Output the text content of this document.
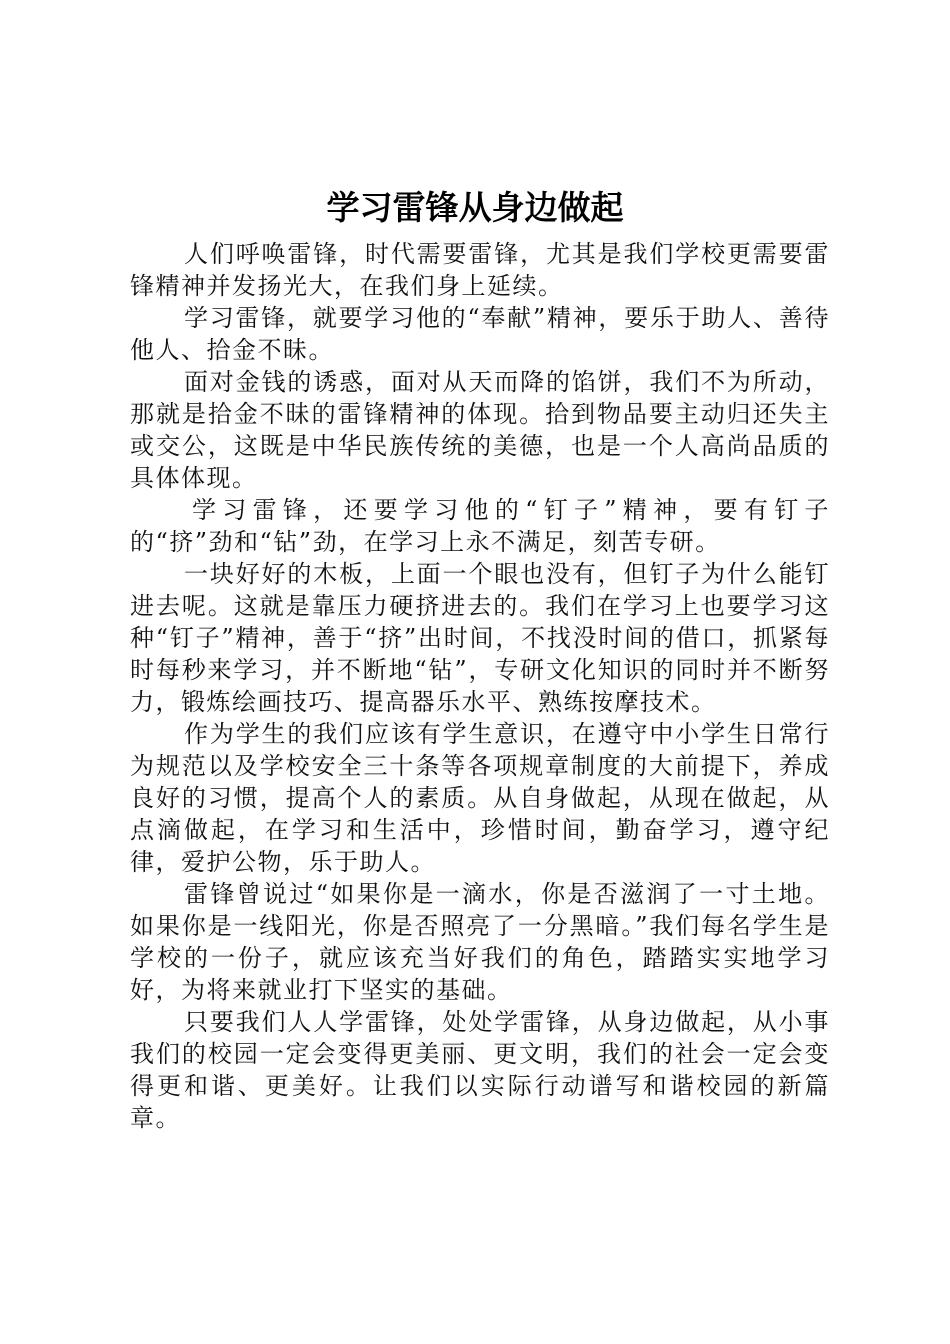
学习雷锋从身边做起

人们呼唤雷锋，时代需要雷锋，尤其是我们学校更需要雷锋精神并发扬光大，在我们身上延续。

学习雷锋，就要学习他的“奉献”精神，要乐于助人、善待他人、拾金不昧。

面对金钱的诱惑，面对从天而降的馅饼，我们不为所动，那就是拾金不昧的雷锋精神的体现。拾到物品要主动归还失主或交公，这既是中华民族传统的美德，也是一个人高尚品质的具体体现。

学习雷锋，还要学习他的“钉子”精神，要有钉子的“挤”劲和“钻”劲，在学习上永不满足，刻苦专研。

一块好好的木板，上面一个眼也没有，但钉子为什么能钉进去呢。这就是靠压力硬挤进去的。我们在学习上也要学习这种“钉子”精神，善于“挤”出时间，不找没时间的借口，抓紧每时每秒来学习，并不断地“钻”，专研文化知识的同时并不断努力，锻炼绘画技巧、提高器乐水平、熟练按摩技术。

作为学生的我们应该有学生意识，在遵守中小学生日常行为规范以及学校安全三十条等各项规章制度的大前提下，养成良好的习惯，提高个人的素质。从自身做起，从现在做起，从点滴做起，在学习和生活中，珍惜时间，勤奋学习，遵守纪律，爱护公物，乐于助人。

雷锋曾说过“如果你是一滴水，你是否滋润了一寸土地。如果你是一线阳光，你是否照亮了一分黑暗。”我们每名学生是学校的一份子，就应该充当好我们的角色，踏踏实实地学习好，为将来就业打下坚实的基础。

只要我们人人学雷锋，处处学雷锋，从身边做起，从小事我们的校园一定会变得更美丽、更文明，我们的社会一定会变得更和谐、更美好。让我们以实际行动谱写和谐校园的新篇章。
